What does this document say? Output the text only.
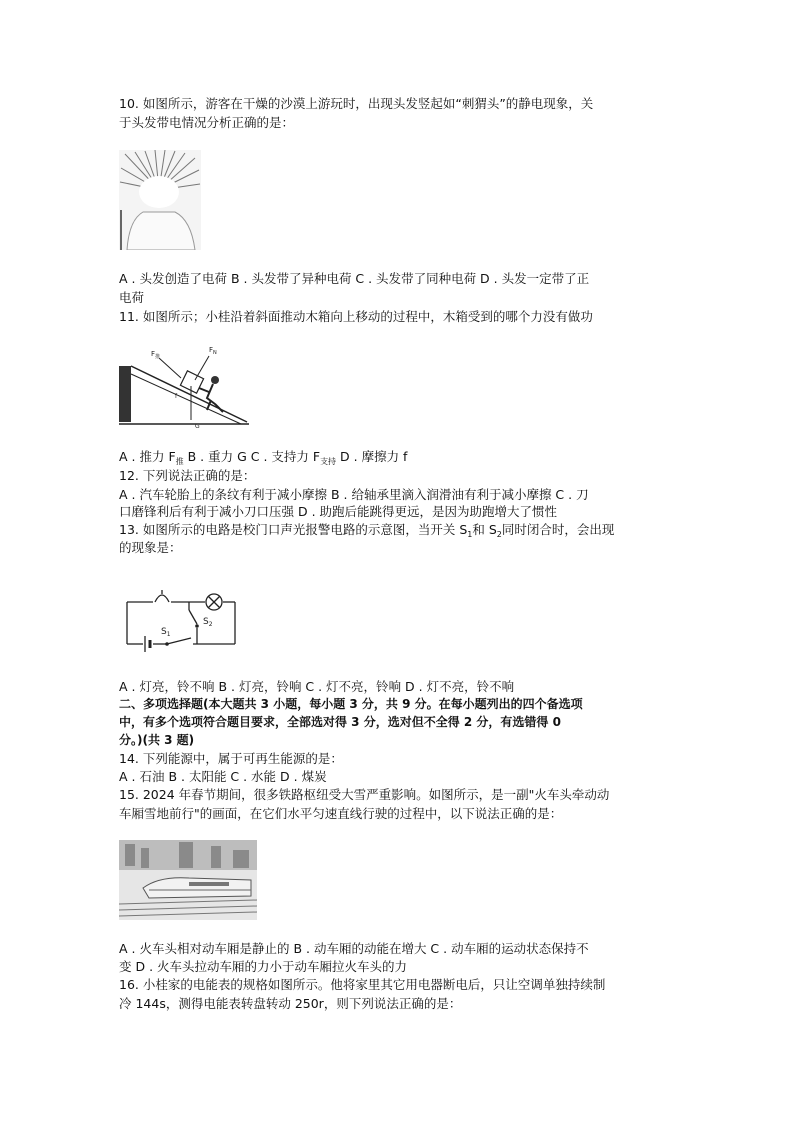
10. 如图所示，游客在干燥的沙漠上游玩时，出现头发竖起如“刺猬头”的静电现象，关
于头发带电情况分析正确的是：
A . 头发创造了电荷 B . 头发带了异种电荷 C . 头发带了同种电荷 D . 头发一定带了正
电荷
11. 如图所示；小桂沿着斜面推动木箱向上移动的过程中，木箱受到的哪个力没有做功
$F_推$
$F_N$
f
G
A . 推力 $F_推$ B . 重力 G C . 支持力 $F_{支持}$ D . 摩擦力 f
12. 下列说法正确的是：
A . 汽车轮胎上的条纹有利于减小摩擦 B . 给轴承里滴入润滑油有利于减小摩擦 C . 刀
口磨锋利后有利于减小刀口压强 D . 助跑后能跳得更远，是因为助跑增大了惯性
13. 如图所示的电路是校门口声光报警电路的示意图，当开关 $S_1$和 $S_2$同时闭合时，会出现
的现象是：
$S_1$
$S_2$
A . 灯亮，铃不响 B . 灯亮，铃响 C . 灯不亮，铃响 D . 灯不亮，铃不响
二、多项选择题(本大题共 3 小题，每小题 3 分，共 9 分。在每小题列出的四个备选项
中，有多个选项符合题目要求，全部选对得 3 分，选对但不全得 2 分，有选错得 0
分。)(共 3 题)
14. 下列能源中，属于可再生能源的是：
A . 石油 B . 太阳能 C . 水能 D . 煤炭
15. 2024 年春节期间，很多铁路枢纽受大雪严重影响。如图所示，是一副"火车头牵动动
车厢雪地前行"的画面，在它们水平匀速直线行驶的过程中，以下说法正确的是：
A . 火车头相对动车厢是静止的 B . 动车厢的动能在增大 C . 动车厢的运动状态保持不
变 D . 火车头拉动车厢的力小于动车厢拉火车头的力
16. 小桂家的电能表的规格如图所示。他将家里其它用电器断电后，只让空调单独持续制
冷 144s，测得电能表转盘转动 250r，则下列说法正确的是：
